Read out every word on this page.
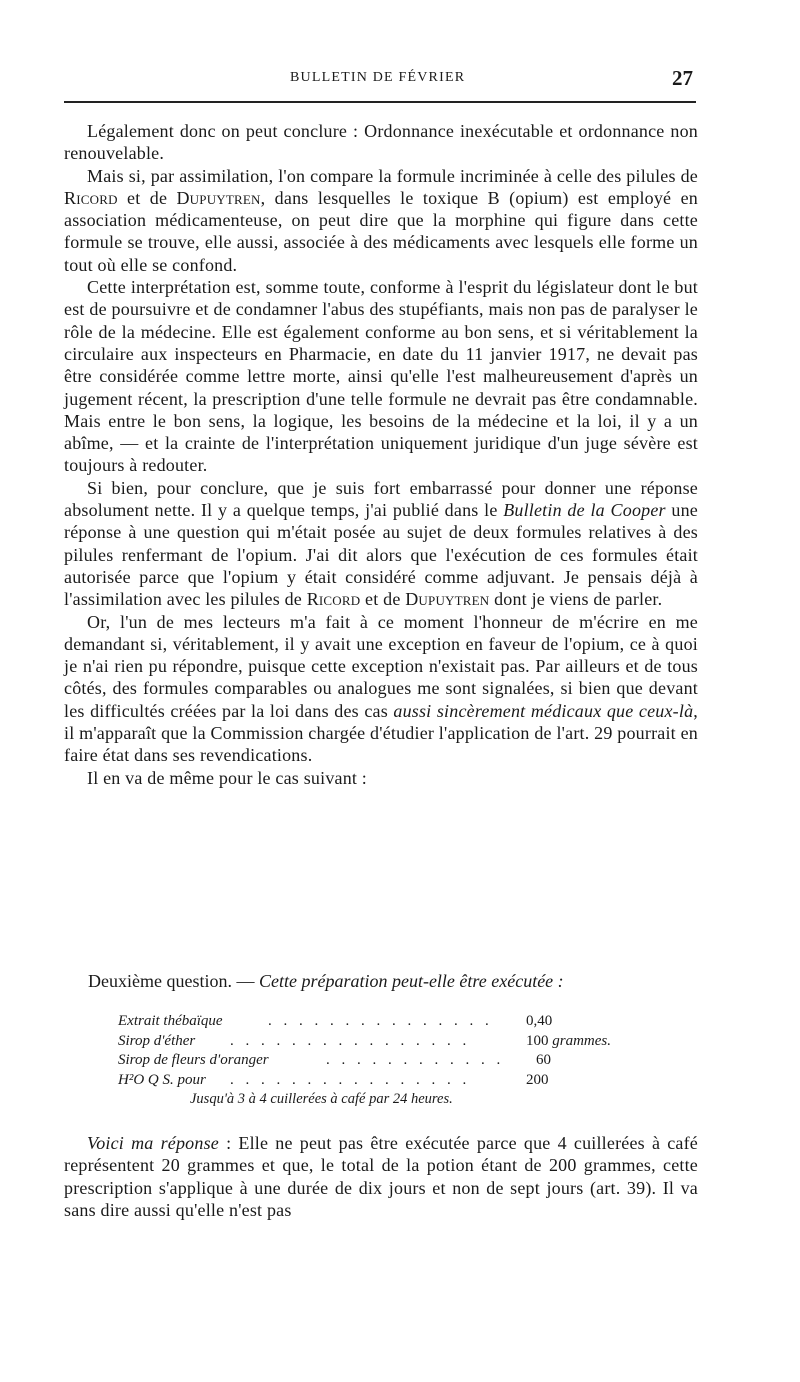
BULLETIN DE FÉVRIER	27

Légalement donc on peut conclure : Ordonnance inexécutable et ordonnance non renouvelable.

Mais si, par assimilation, l'on compare la formule incriminée à celle des pilules de Ricord et de Dupuytren, dans lesquelles le toxique B (opium) est employé en association médicamenteuse, on peut dire que la morphine qui figure dans cette formule se trouve, elle aussi, associée à des médicaments avec lesquels elle forme un tout où elle se confond.

Cette interprétation est, somme toute, conforme à l'esprit du législateur dont le but est de poursuivre et de condamner l'abus des stupéfiants, mais non pas de paralyser le rôle de la médecine. Elle est également conforme au bon sens, et si véritablement la circulaire aux inspecteurs en Pharmacie, en date du 11 janvier 1917, ne devait pas être considérée comme lettre morte, ainsi qu'elle l'est malheureusement d'après un jugement récent, la prescription d'une telle formule ne devrait pas être condamnable. Mais entre le bon sens, la logique, les besoins de la médecine et la loi, il y a un abîme, — et la crainte de l'interprétation uniquement juridique d'un juge sévère est toujours à redouter.

Si bien, pour conclure, que je suis fort embarrassé pour donner une réponse absolument nette. Il y a quelque temps, j'ai publié dans le Bulletin de la Cooper une réponse à une question qui m'était posée au sujet de deux formules relatives à des pilules renfermant de l'opium. J'ai dit alors que l'exécution de ces formules était autorisée parce que l'opium y était considéré comme adjuvant. Je pensais déjà à l'assimilation avec les pilules de Ricord et de Dupuytren dont je viens de parler.

Or, l'un de mes lecteurs m'a fait à ce moment l'honneur de m'écrire en me demandant si, véritablement, il y avait une exception en faveur de l'opium, ce à quoi je n'ai rien pu répondre, puisque cette exception n'existait pas. Par ailleurs et de tous côtés, des formules comparables ou analogues me sont signalées, si bien que devant les difficultés créées par la loi dans des cas aussi sincèrement médicaux que ceux-là, il m'apparaît que la Commission chargée d'étudier l'application de l'art. 29 pourrait en faire état dans ses revendications.

Il en va de même pour le cas suivant :

Deuxième question. — Cette préparation peut-elle être exécutée :
Extrait thébaïque	. . . . . . . . . . . . . . . 0,40
Sirop d'éther . . . . . . . . . . . . . . . .	100 grammes.
Sirop de fleurs d'oranger	. . . . . . . . . . . . 60
H²O Q S. pour . . . . . . . . . . . . . . . .	200
Jusqu'à 3 à 4 cuillerées à café par 24 heures.

Voici ma réponse : Elle ne peut pas être exécutée parce que 4 cuillerées à café représentent 20 grammes et que, le total de la potion étant de 200 grammes, cette prescription s'applique à une durée de dix jours et non de sept jours (art. 39). Il va sans dire aussi qu'elle n'est pas
